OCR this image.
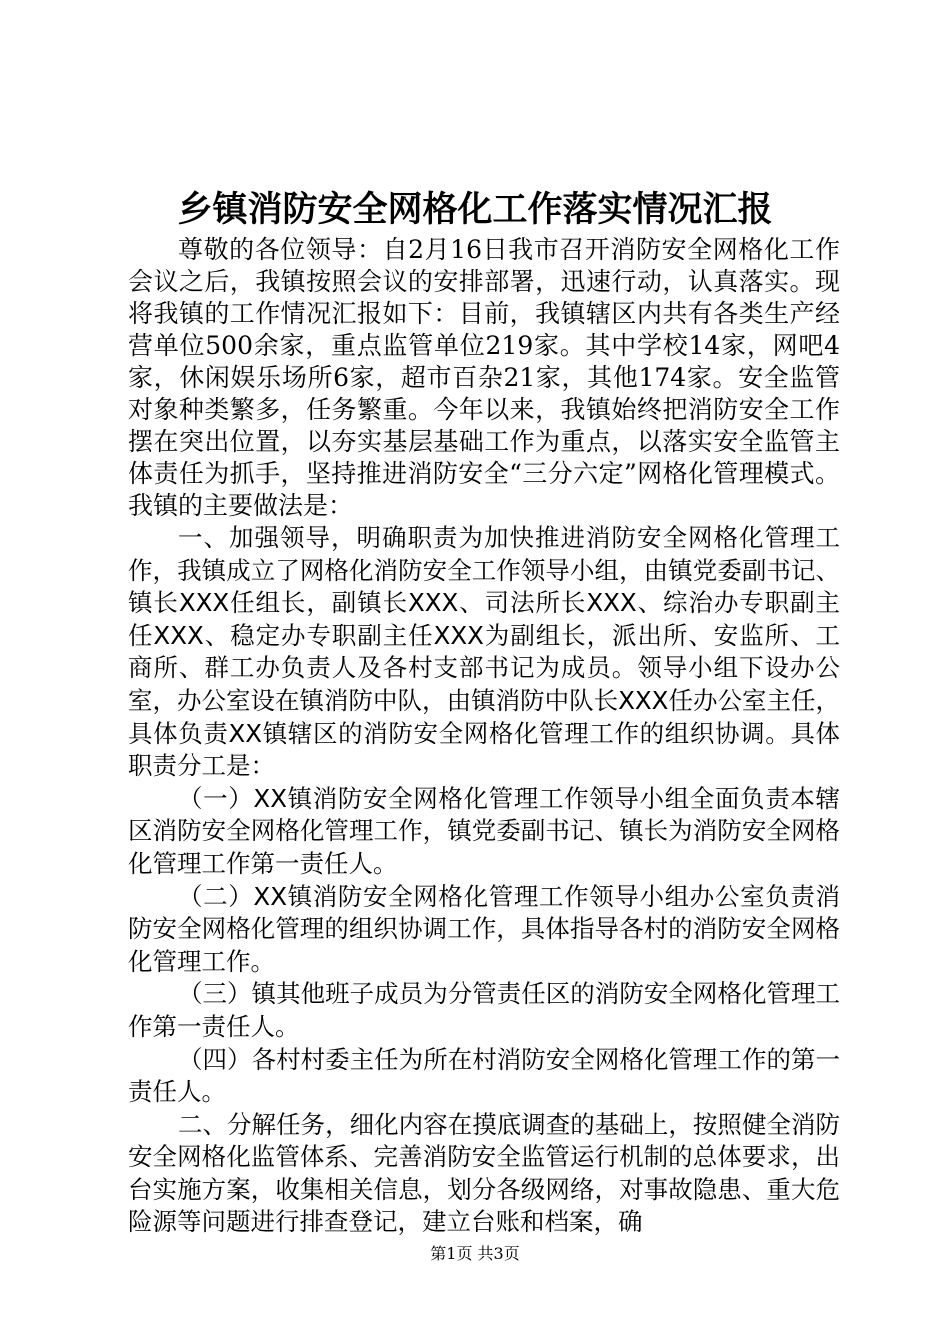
乡镇消防安全网格化工作落实情况汇报

尊敬的各位领导：自2月16日我市召开消防安全网格化工作会议之后，我镇按照会议的安排部署，迅速行动，认真落实。现将我镇的工作情况汇报如下：目前，我镇辖区内共有各类生产经营单位500余家，重点监管单位219家。其中学校14家，网吧4家，休闲娱乐场所6家，超市百杂21家，其他174家。安全监管对象种类繁多，任务繁重。今年以来，我镇始终把消防安全工作摆在突出位置，以夯实基层基础工作为重点，以落实安全监管主体责任为抓手，坚持推进消防安全“三分六定”网格化管理模式。我镇的主要做法是：

一、加强领导，明确职责为加快推进消防安全网格化管理工作，我镇成立了网格化消防安全工作领导小组，由镇党委副书记、镇长XXX任组长，副镇长XXX、司法所长XXX、综治办专职副主任XXX、稳定办专职副主任XXX为副组长，派出所、安监所、工商所、群工办负责人及各村支部书记为成员。领导小组下设办公室，办公室设在镇消防中队，由镇消防中队长XXX任办公室主任，具体负责XX镇辖区的消防安全网格化管理工作的组织协调。具体职责分工是：

（一）XX镇消防安全网格化管理工作领导小组全面负责本辖区消防安全网格化管理工作，镇党委副书记、镇长为消防安全网格化管理工作第一责任人。

（二）XX镇消防安全网格化管理工作领导小组办公室负责消防安全网格化管理的组织协调工作，具体指导各村的消防安全网格化管理工作。

（三）镇其他班子成员为分管责任区的消防安全网格化管理工作第一责任人。

（四）各村村委主任为所在村消防安全网格化管理工作的第一责任人。

二、分解任务，细化内容在摸底调查的基础上，按照健全消防安全网格化监管体系、完善消防安全监管运行机制的总体要求，出台实施方案，收集相关信息，划分各级网络，对事故隐患、重大危险源等问题进行排查登记，建立台账和档案，确

第1页 共3页
